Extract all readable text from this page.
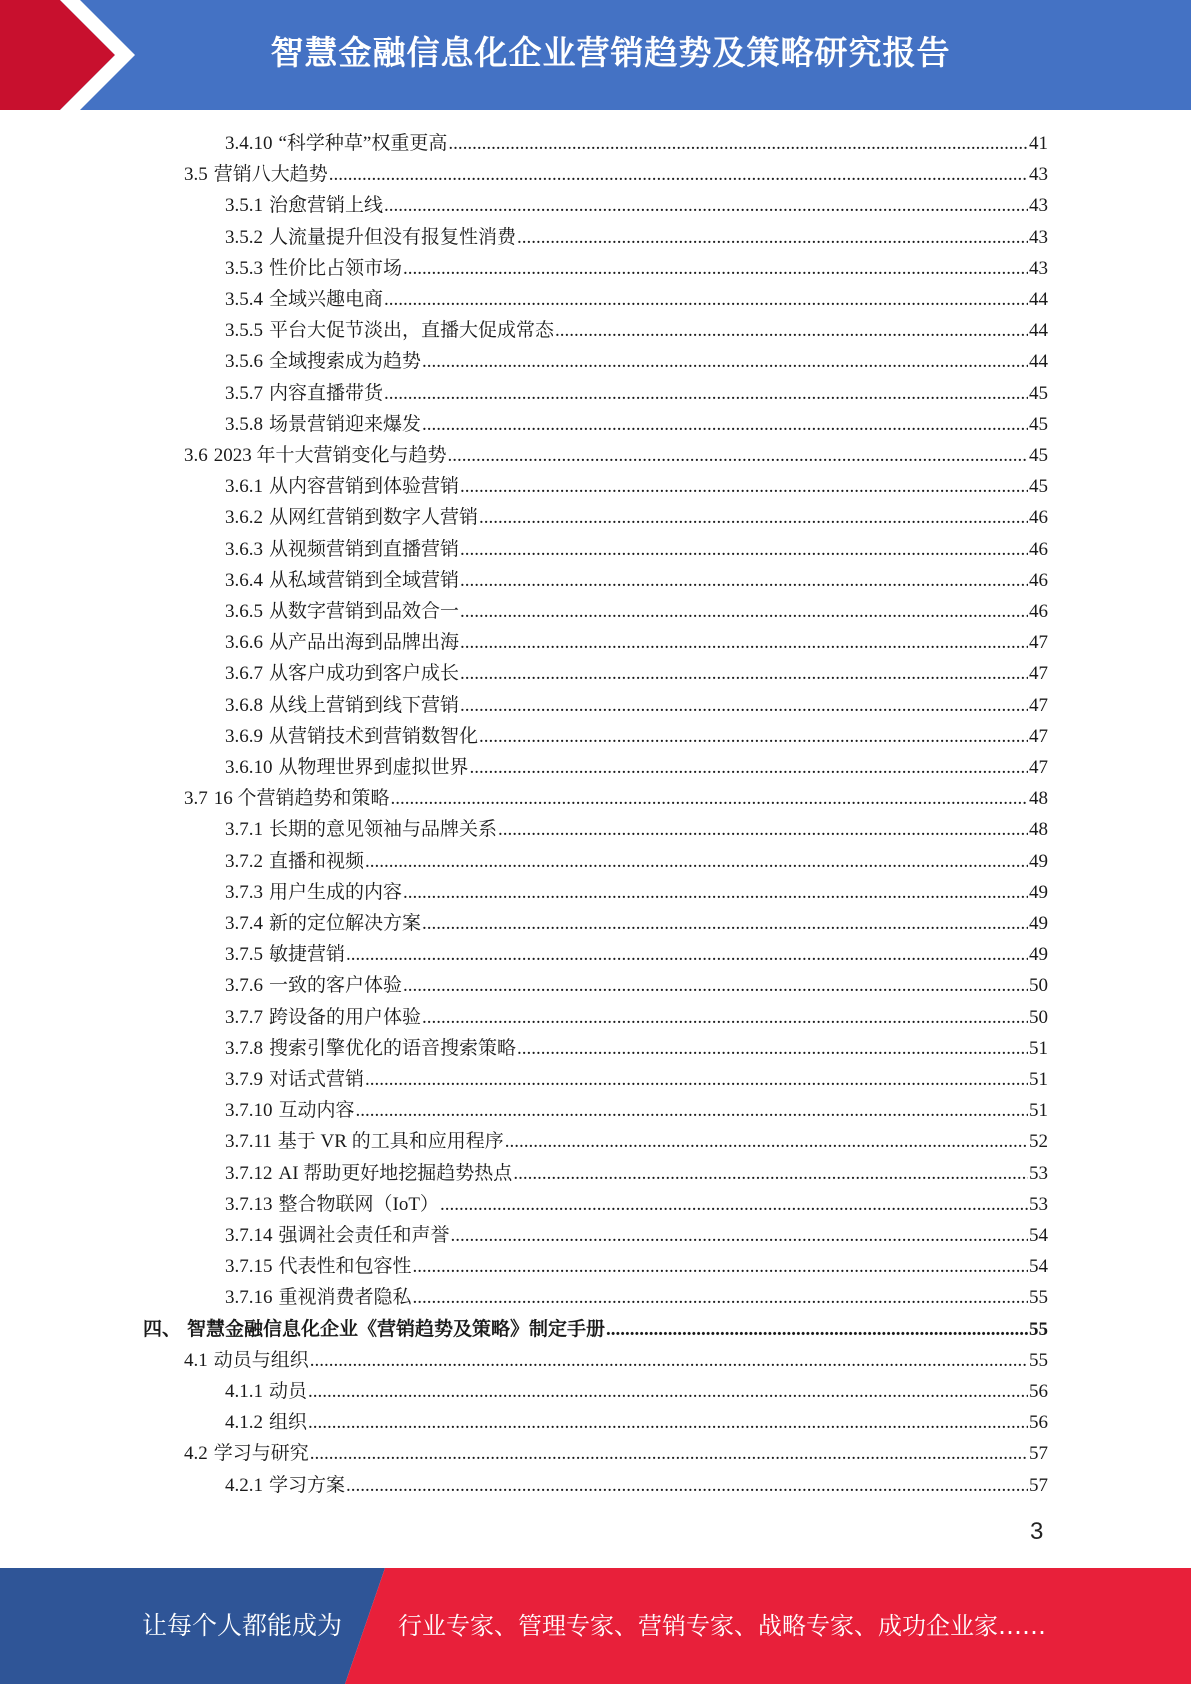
智慧金融信息化企业营销趋势及策略研究报告
3.4.10 “科学种草”权重更高 .....	41
3.5 营销八大趋势 .....	43
3.5.1 治愈营销上线 .....	43
3.5.2 人流量提升但没有报复性消费 .....	43
3.5.3 性价比占领市场 .....	43
3.5.4 全域兴趣电商 .....	44
3.5.5 平台大促节淡出，直播大促成常态 .....	44
3.5.6 全域搜索成为趋势 .....	44
3.5.7 内容直播带货 .....	45
3.5.8 场景营销迎来爆发 .....	45
3.6 2023 年十大营销变化与趋势 .....	45
3.6.1 从内容营销到体验营销 .....	45
3.6.2 从网红营销到数字人营销 .....	46
3.6.3 从视频营销到直播营销 .....	46
3.6.4 从私域营销到全域营销 .....	46
3.6.5 从数字营销到品效合一 .....	46
3.6.6 从产品出海到品牌出海 .....	47
3.6.7 从客户成功到客户成长 .....	47
3.6.8 从线上营销到线下营销 .....	47
3.6.9 从营销技术到营销数智化 .....	47
3.6.10 从物理世界到虚拟世界 .....	47
3.7 16 个营销趋势和策略 .....	48
3.7.1 长期的意见领袖与品牌关系 .....	48
3.7.2 直播和视频 .....	49
3.7.3 用户生成的内容 .....	49
3.7.4 新的定位解决方案 .....	49
3.7.5 敏捷营销 .....	49
3.7.6 一致的客户体验 .....	50
3.7.7 跨设备的用户体验 .....	50
3.7.8 搜索引擎优化的语音搜索策略 .....	51
3.7.9 对话式营销 .....	51
3.7.10 互动内容 .....	51
3.7.11 基于 VR 的工具和应用程序 .....	52
3.7.12 AI 帮助更好地挖掘趋势热点 .....	53
3.7.13 整合物联网（IoT） .....	53
3.7.14 强调社会责任和声誉 .....	54
3.7.15 代表性和包容性 .....	54
3.7.16 重视消费者隐私 .....	55
四、 智慧金融信息化企业《营销趋势及策略》制定手册 .....	55
4.1 动员与组织 .....	55
4.1.1 动员 .....	56
4.1.2 组织 .....	56
4.2 学习与研究 .....	57
4.2.1 学习方案 .....	57
3
让每个人都能成为 行业专家、管理专家、营销专家、战略专家、成功企业家……
